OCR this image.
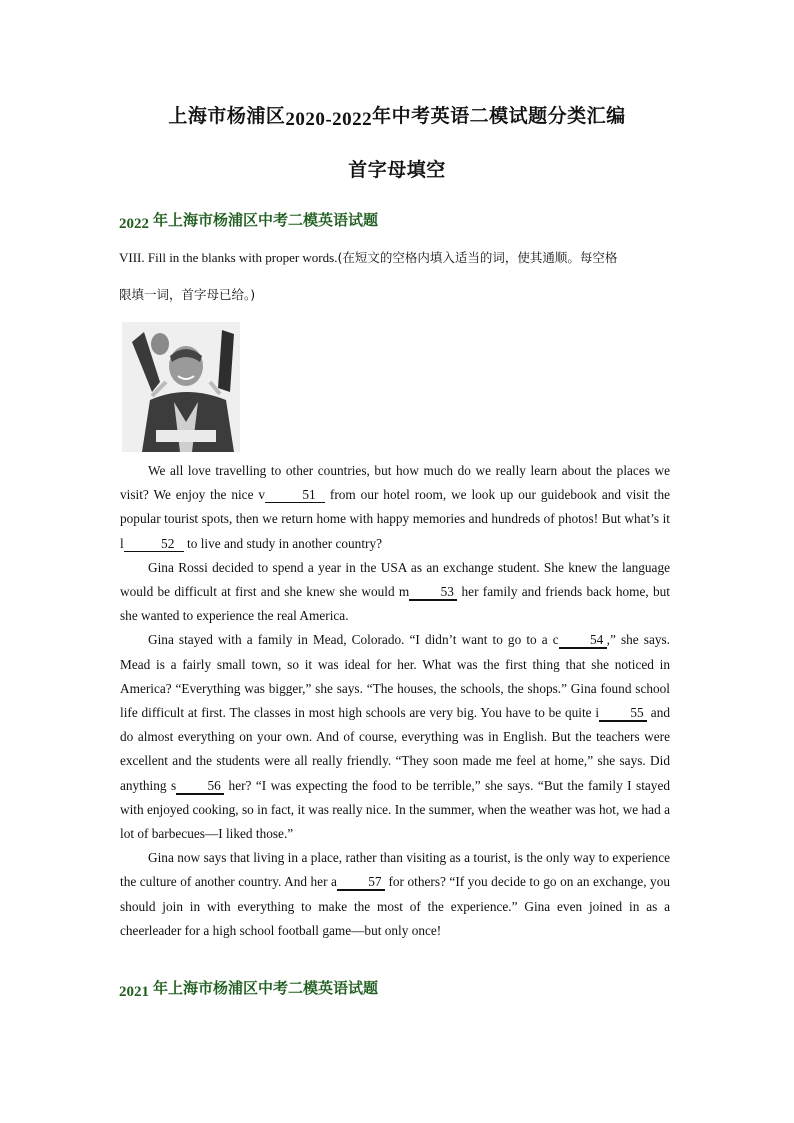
上海市杨浦区2020-2022年中考英语二模试题分类汇编
首字母填空
2022 年上海市杨浦区中考二模英语试题
VIII. Fill in the blanks with proper words.(在短文的空格内填入适当的词，使其通顺。每空格
限填一词，首字母已给。)

We all love travelling to other countries, but how much do we really learn about the places we visit? We enjoy the nice v	51 from our hotel room, we look up our guidebook and visit the popular tourist spots, then we return home with happy memories and hundreds of photos! But what’s it l	52 to live and study in another country?

Gina Rossi decided to spend a year in the USA as an exchange student. She knew the language would be difficult at first and she knew she would m 53 her family and friends back home, but she wanted to experience the real America.

Gina stayed with a family in Mead, Colorado. “I didn’t want to go to a c 54 ,” she says. Mead is a fairly small town, so it was ideal for her. What was the first thing that she noticed in America? “Everything was bigger,” she says. “The houses, the schools, the shops.” Gina found school life difficult at first. The classes in most high schools are very big. You have to be quite i 55 and do almost everything on your own. And of course, everything was in English. But the teachers were excellent and the students were all really friendly. “They soon made me feel at home,” she says. Did anything s 56 her? “I was expecting the food to be terrible,” she says. “But the family I stayed with enjoyed cooking, so in fact, it was really nice. In the summer, when the weather was hot, we had a lot of barbecues—I liked those.”

Gina now says that living in a place, rather than visiting as a tourist, is the only way to experience the culture of another country. And her a 57 for others? “If you decide to go on an exchange, you should join in with everything to make the most of the experience.” Gina even joined in as a cheerleader for a high school football game—but only once!

2021 年上海市杨浦区中考二模英语试题
